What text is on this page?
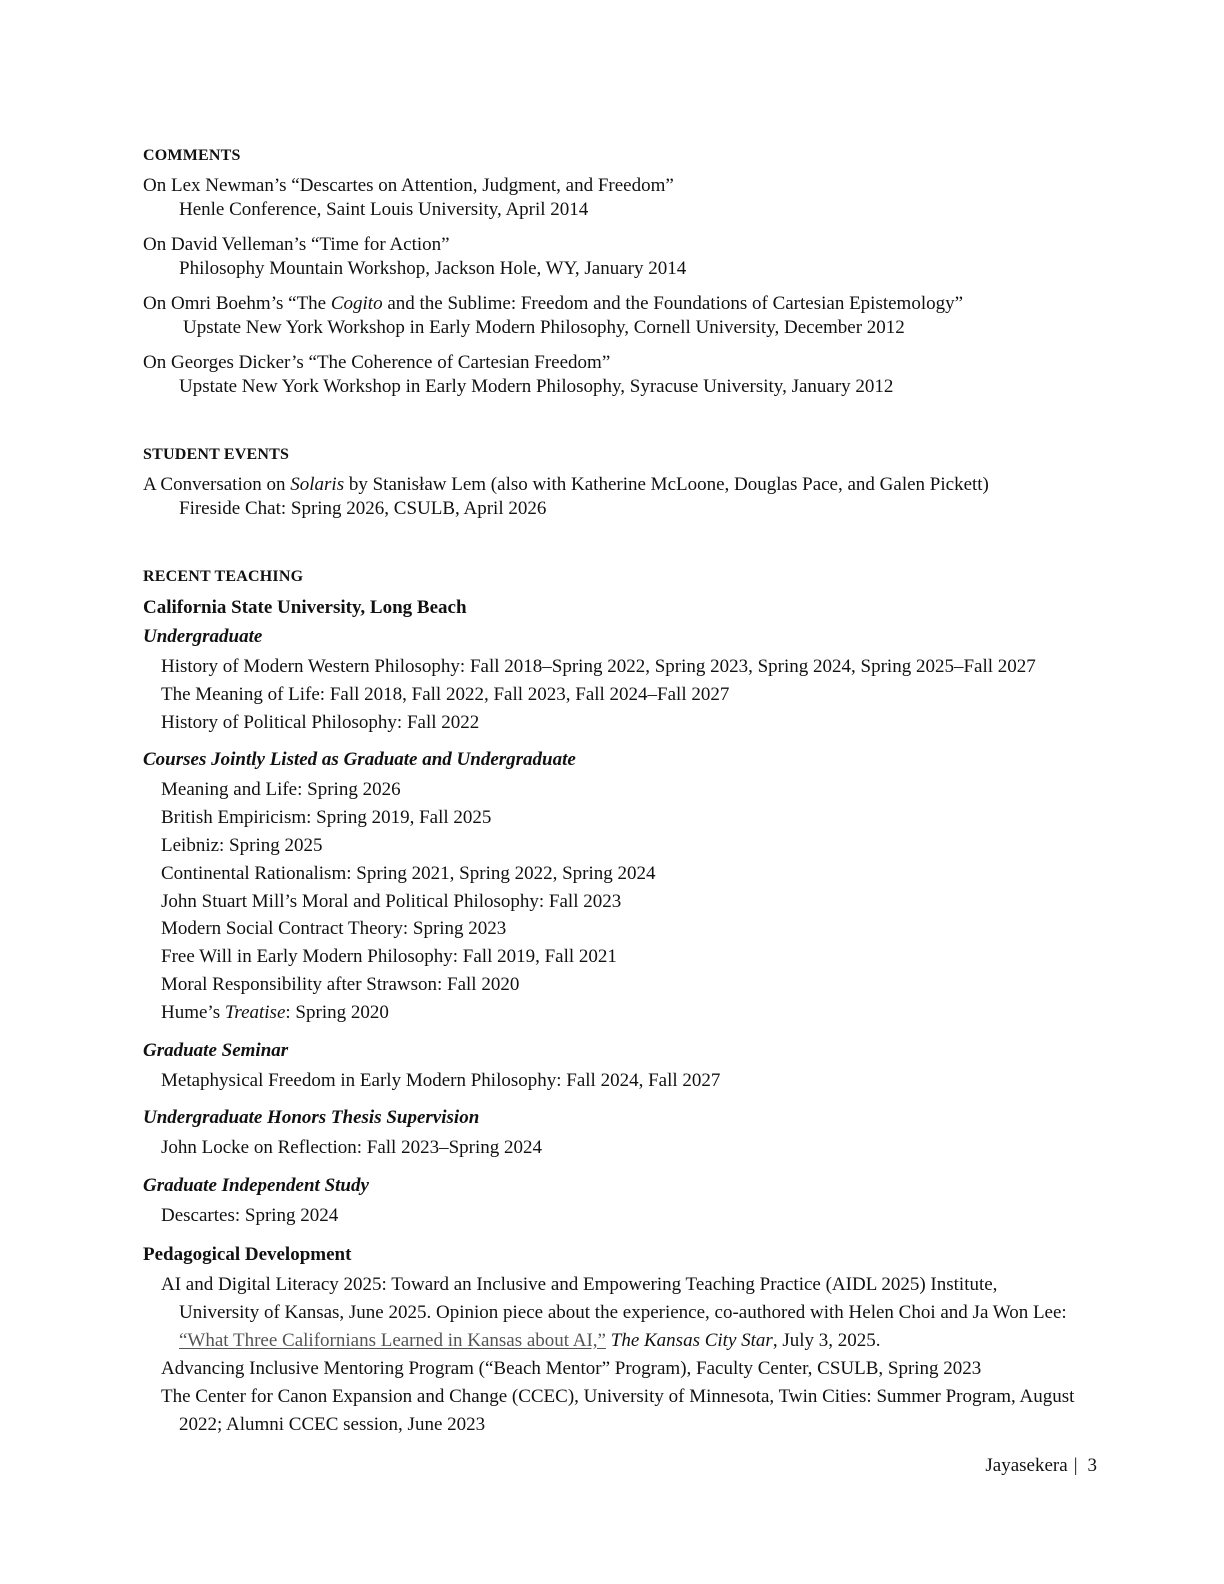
COMMENTS
On Lex Newman’s “Descartes on Attention, Judgment, and Freedom”
Henle Conference, Saint Louis University, April 2014
On David Velleman’s “Time for Action”
Philosophy Mountain Workshop, Jackson Hole, WY, January 2014
On Omri Boehm’s “The Cogito and the Sublime: Freedom and the Foundations of Cartesian Epistemology”
Upstate New York Workshop in Early Modern Philosophy, Cornell University, December 2012
On Georges Dicker’s “The Coherence of Cartesian Freedom”
Upstate New York Workshop in Early Modern Philosophy, Syracuse University, January 2012
STUDENT EVENTS
A Conversation on Solaris by Stanisław Lem (also with Katherine McLoone, Douglas Pace, and Galen Pickett)
Fireside Chat: Spring 2026, CSULB, April 2026
RECENT TEACHING
California State University, Long Beach
Undergraduate
History of Modern Western Philosophy: Fall 2018–Spring 2022, Spring 2023, Spring 2024, Spring 2025–Fall 2027
The Meaning of Life: Fall 2018, Fall 2022, Fall 2023, Fall 2024–Fall 2027
History of Political Philosophy: Fall 2022
Courses Jointly Listed as Graduate and Undergraduate
Meaning and Life: Spring 2026
British Empiricism: Spring 2019, Fall 2025
Leibniz: Spring 2025
Continental Rationalism: Spring 2021, Spring 2022, Spring 2024
John Stuart Mill’s Moral and Political Philosophy: Fall 2023
Modern Social Contract Theory: Spring 2023
Free Will in Early Modern Philosophy: Fall 2019, Fall 2021
Moral Responsibility after Strawson: Fall 2020
Hume’s Treatise: Spring 2020
Graduate Seminar
Metaphysical Freedom in Early Modern Philosophy: Fall 2024, Fall 2027
Undergraduate Honors Thesis Supervision
John Locke on Reflection: Fall 2023–Spring 2024
Graduate Independent Study
Descartes: Spring 2024
Pedagogical Development

AI and Digital Literacy 2025: Toward an Inclusive and Empowering Teaching Practice (AIDL 2025) Institute, University of Kansas, June 2025. Opinion piece about the experience, co-authored with Helen Choi and Ja Won Lee: “What Three Californians Learned in Kansas about AI,” The Kansas City Star, July 3, 2025.

Advancing Inclusive Mentoring Program (“Beach Mentor” Program), Faculty Center, CSULB, Spring 2023

The Center for Canon Expansion and Change (CCEC), University of Minnesota, Twin Cities: Summer Program, August 2022; Alumni CCEC session, June 2023

Jayasekera | 3
